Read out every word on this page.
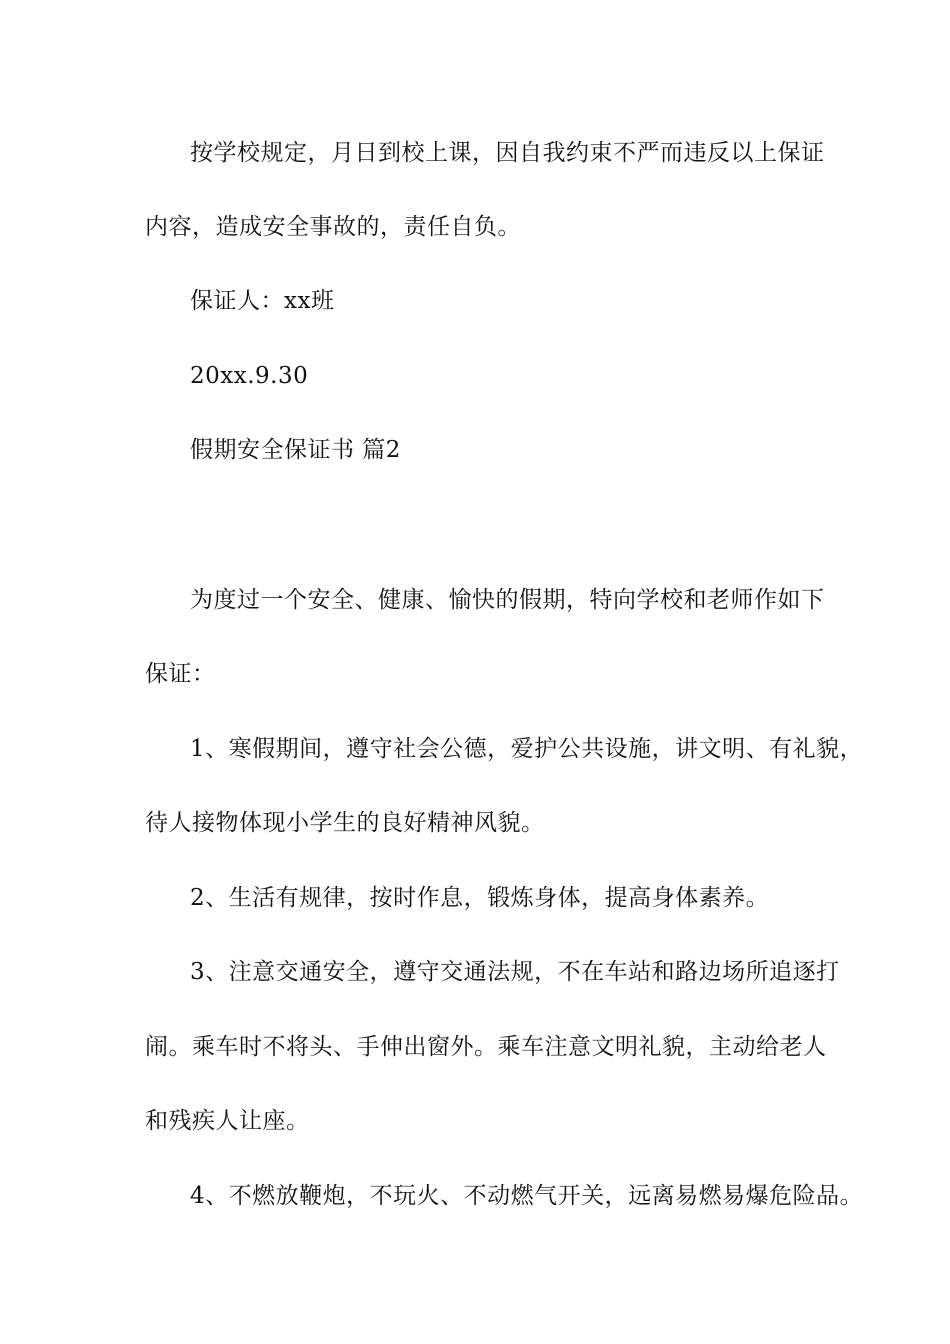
按学校规定，月日到校上课，因自我约束不严而违反以上保证
内容，造成安全事故的，责任自负。
保证人：xx班
20xx.9.30
假期安全保证书 篇2
为度过一个安全、健康、愉快的假期，特向学校和老师作如下
保证：
1、寒假期间，遵守社会公德，爱护公共设施，讲文明、有礼貌，
待人接物体现小学生的良好精神风貌。
2、生活有规律，按时作息，锻炼身体，提高身体素养。
3、注意交通安全，遵守交通法规，不在车站和路边场所追逐打
闹。乘车时不将头、手伸出窗外。乘车注意文明礼貌，主动给老人
和残疾人让座。
4、不燃放鞭炮，不玩火、不动燃气开关，远离易燃易爆危险品。
